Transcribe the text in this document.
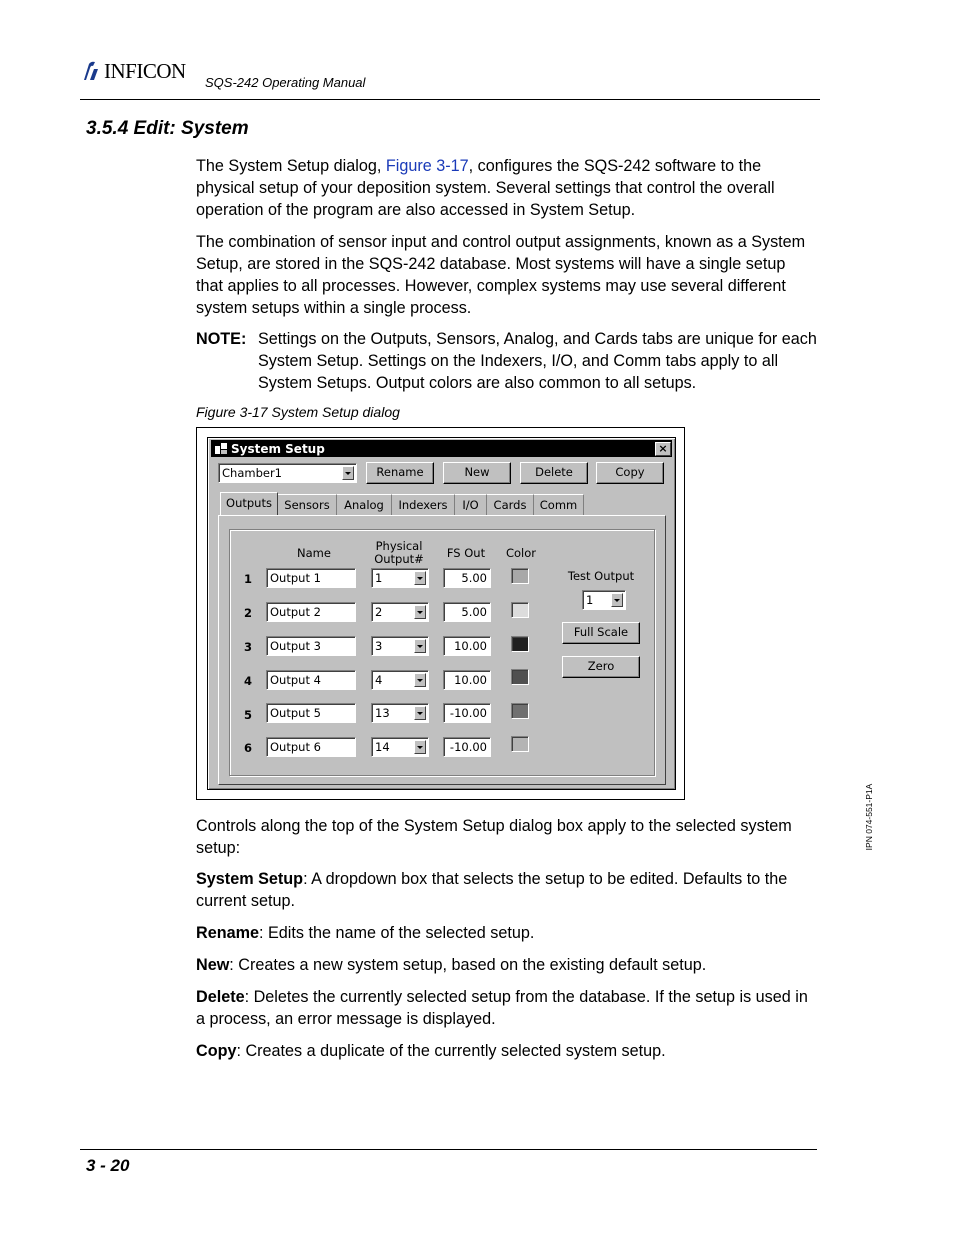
INFICON SQS-242 Operating Manual
3.5.4 Edit: System

The System Setup dialog, Figure 3-17, configures the SQS-242 software to the physical setup of your deposition system. Several settings that control the overall operation of the program are also accessed in System Setup.

The combination of sensor input and control output assignments, known as a System Setup, are stored in the SQS-242 database. Most systems will have a single setup that applies to all processes. However, complex systems may use several different system setups within a single process.

NOTE: Settings on the Outputs, Sensors, Analog, and Cards tabs are unique for each System Setup. Settings on the Indexers, I/O, and Comm tabs apply to all System Setups. Output colors are also common to all setups.

Figure 3-17 System Setup dialog
System Setup	×
Chamber1	Rename	New	Delete	Copy
Outputs	Sensors	Analog	Indexers	I/O	Cards	Comm
Name	Physical Output#	FS Out	Color
1	Output 1	1	5.00
2	Output 2	2	5.00
3	Output 3	3	10.00
4	Output 4	4	10.00
5	Output 5	13	-10.00
6	Output 6	14	-10.00
Test Output
1
Full Scale
Zero

Controls along the top of the System Setup dialog box apply to the selected system setup:

System Setup: A dropdown box that selects the setup to be edited. Defaults to the current setup.

Rename: Edits the name of the selected setup.

New: Creates a new system setup, based on the existing default setup.

Delete: Deletes the currently selected setup from the database. If the setup is used in a process, an error message is displayed.

Copy: Creates a duplicate of the currently selected system setup.

IPN 074-551-P1A
3 - 20
